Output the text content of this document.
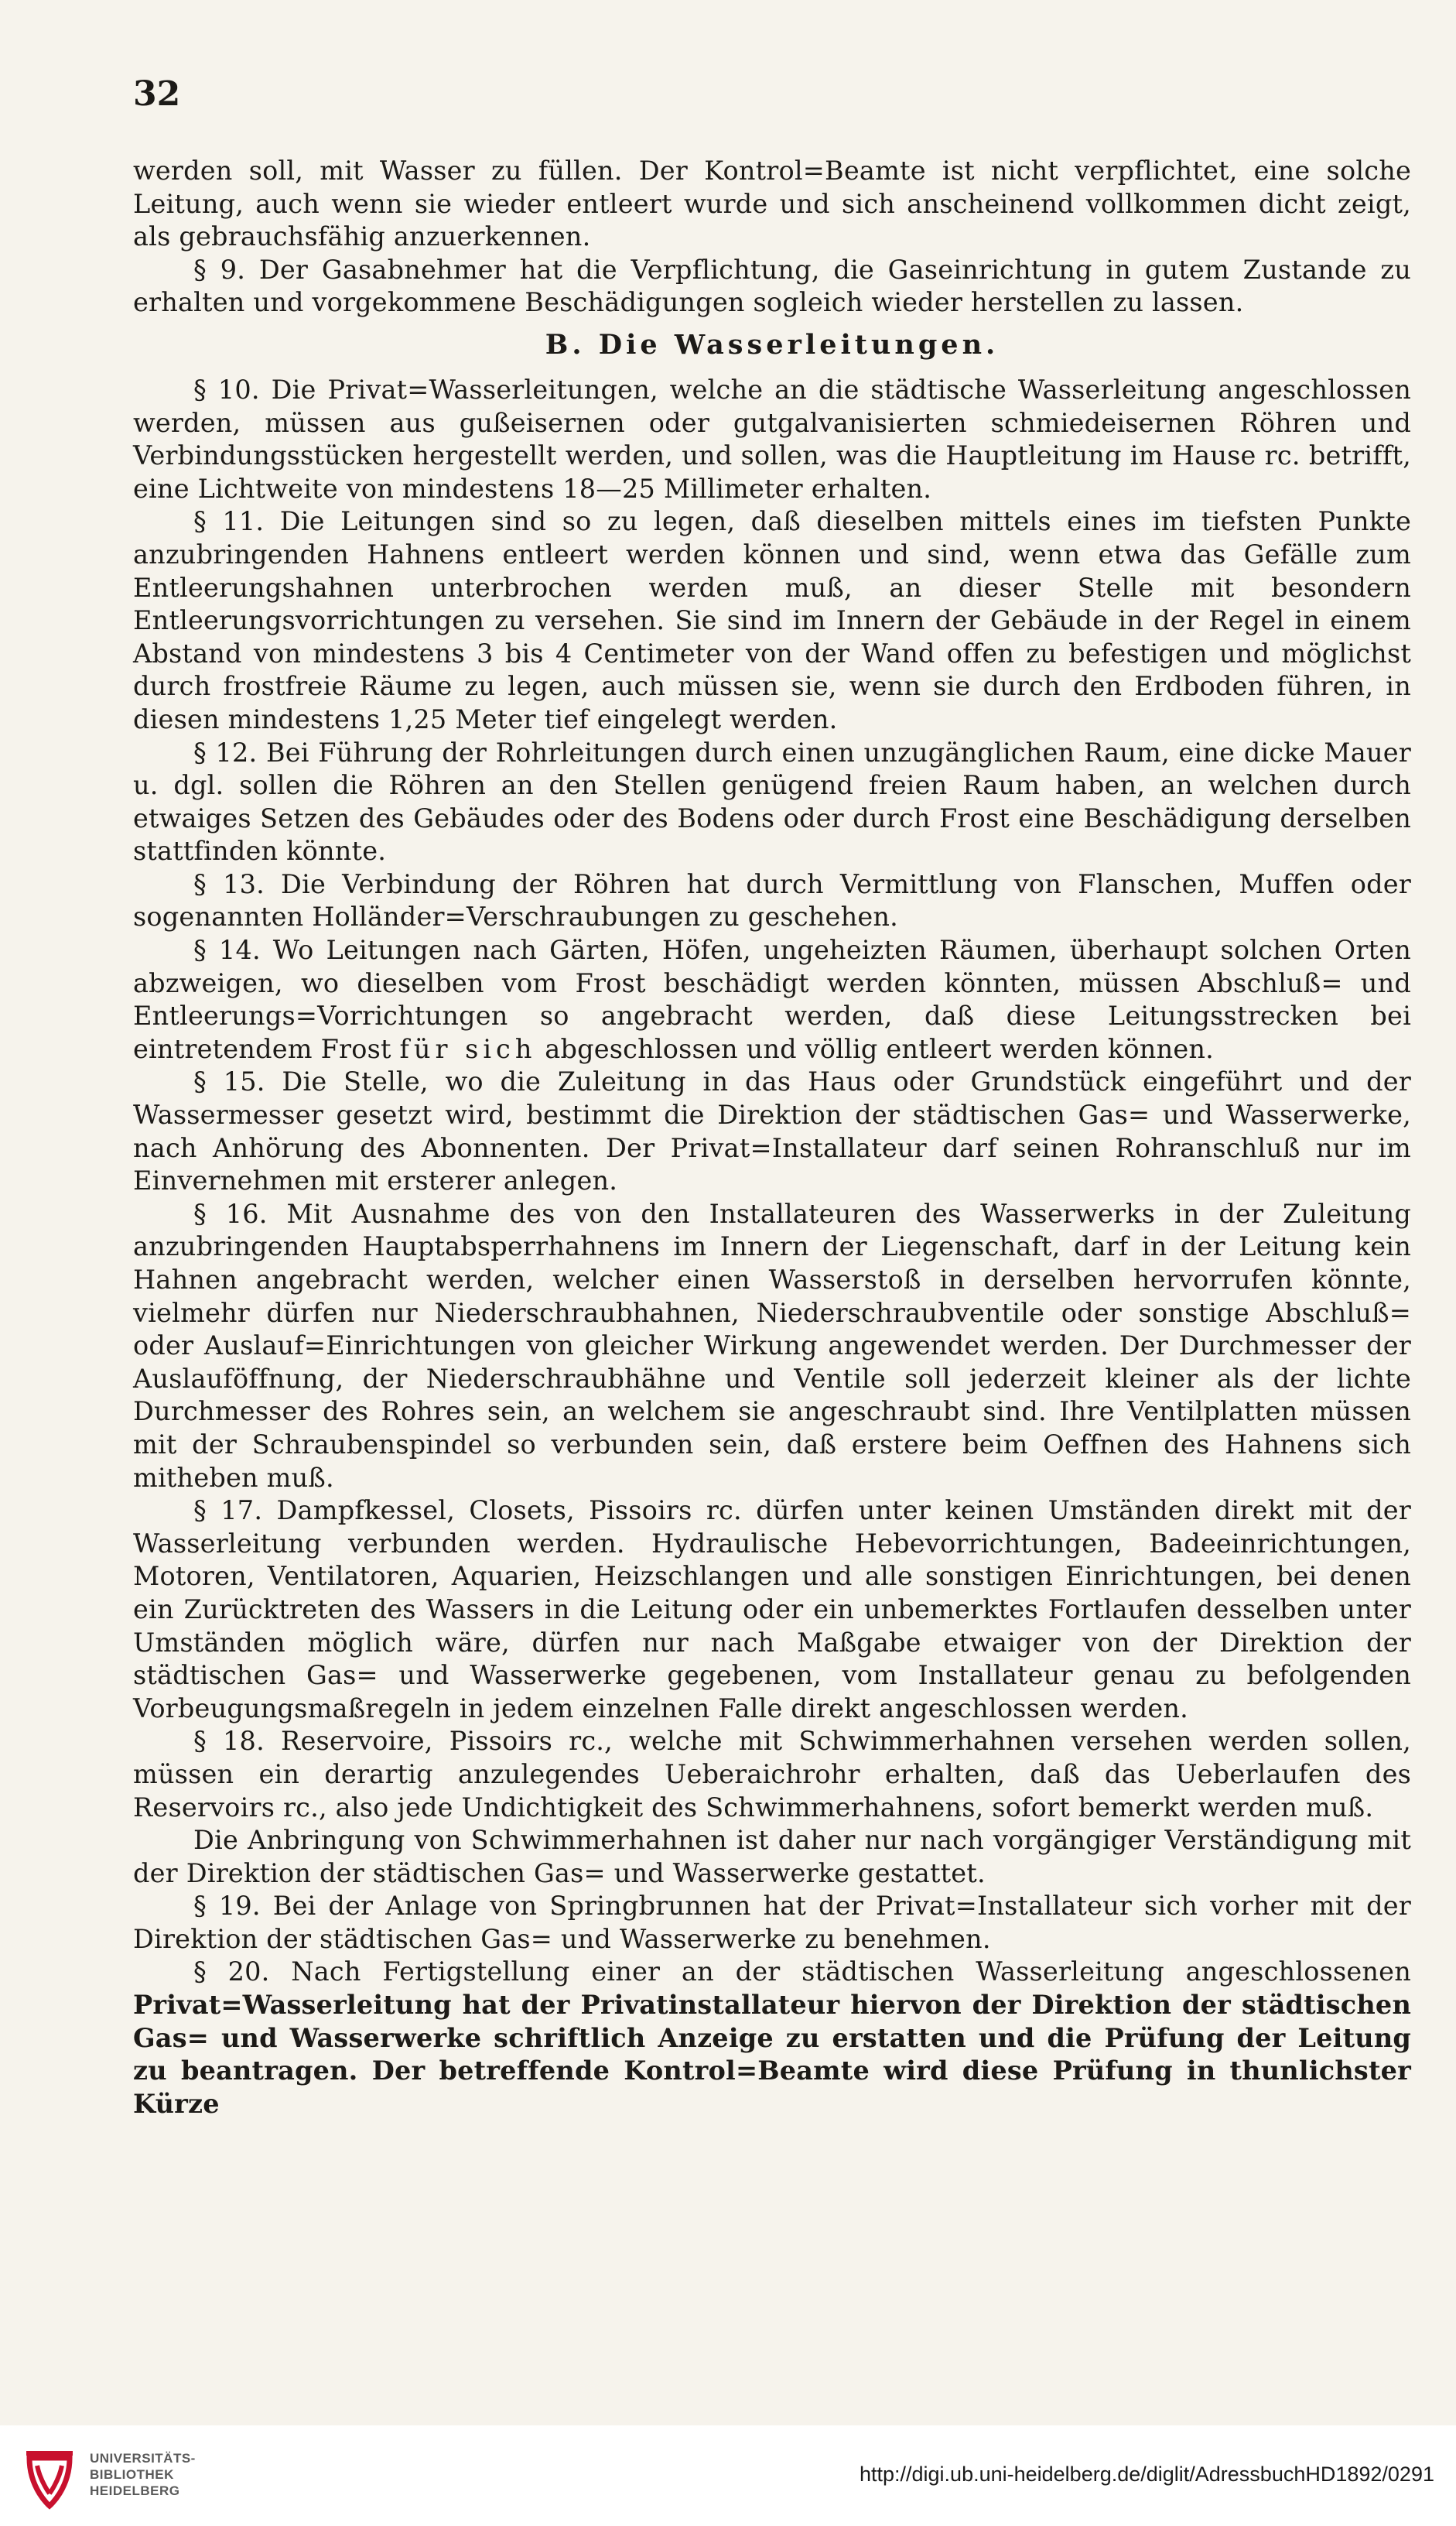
32

werden soll, mit Wasser zu füllen. Der Kontrol=Beamte ist nicht verpflichtet, eine solche Leitung, auch wenn sie wieder entleert wurde und sich anscheinend vollkommen dicht zeigt, als gebrauchsfähig anzuerkennen.

§ 9. Der Gasabnehmer hat die Verpflichtung, die Gaseinrichtung in gutem Zustande zu erhalten und vorgekommene Beschädigungen sogleich wieder herstellen zu lassen.

B. Die Wasserleitungen.

§ 10. Die Privat=Wasserleitungen, welche an die städtische Wasserleitung angeschlossen werden, müssen aus gußeisernen oder gutgalvanisierten schmiedeisernen Röhren und Verbindungsstücken hergestellt werden, und sollen, was die Hauptleitung im Hause rc. betrifft, eine Lichtweite von mindestens 18—25 Millimeter erhalten.

§ 11. Die Leitungen sind so zu legen, daß dieselben mittels eines im tiefsten Punkte anzubringenden Hahnens entleert werden können und sind, wenn etwa das Gefälle zum Entleerungshahnen unterbrochen werden muß, an dieser Stelle mit besondern Entleerungsvorrichtungen zu versehen. Sie sind im Innern der Gebäude in der Regel in einem Abstand von mindestens 3 bis 4 Centimeter von der Wand offen zu befestigen und möglichst durch frostfreie Räume zu legen, auch müssen sie, wenn sie durch den Erdboden führen, in diesen mindestens 1,25 Meter tief eingelegt werden.

§ 12. Bei Führung der Rohrleitungen durch einen unzugänglichen Raum, eine dicke Mauer u. dgl. sollen die Röhren an den Stellen genügend freien Raum haben, an welchen durch etwaiges Setzen des Gebäudes oder des Bodens oder durch Frost eine Beschädigung derselben stattfinden könnte.

§ 13. Die Verbindung der Röhren hat durch Vermittlung von Flanschen, Muffen oder sogenannten Holländer=Verschraubungen zu geschehen.

§ 14. Wo Leitungen nach Gärten, Höfen, ungeheizten Räumen, überhaupt solchen Orten abzweigen, wo dieselben vom Frost beschädigt werden könnten, müssen Abschluß= und Entleerungs=Vorrichtungen so angebracht werden, daß diese Leitungsstrecken bei eintretendem Frost für sich abgeschlossen und völlig entleert werden können.

§ 15. Die Stelle, wo die Zuleitung in das Haus oder Grundstück eingeführt und der Wassermesser gesetzt wird, bestimmt die Direktion der städtischen Gas= und Wasserwerke, nach Anhörung des Abonnenten. Der Privat=Installateur darf seinen Rohranschluß nur im Einvernehmen mit ersterer anlegen.

§ 16. Mit Ausnahme des von den Installateuren des Wasserwerks in der Zuleitung anzubringenden Hauptabsperrhahnens im Innern der Liegenschaft, darf in der Leitung kein Hahnen angebracht werden, welcher einen Wasserstoß in derselben hervorrufen könnte, vielmehr dürfen nur Niederschraubhahnen, Niederschraubventile oder sonstige Abschluß= oder Auslauf=Einrichtungen von gleicher Wirkung angewendet werden. Der Durchmesser der Auslauföffnung, der Niederschraubhähne und Ventile soll jederzeit kleiner als der lichte Durchmesser des Rohres sein, an welchem sie angeschraubt sind. Ihre Ventilplatten müssen mit der Schraubenspindel so verbunden sein, daß erstere beim Oeffnen des Hahnens sich mitheben muß.

§ 17. Dampfkessel, Closets, Pissoirs rc. dürfen unter keinen Umständen direkt mit der Wasserleitung verbunden werden. Hydraulische Hebevorrichtungen, Badeeinrichtungen, Motoren, Ventilatoren, Aquarien, Heizschlangen und alle sonstigen Einrichtungen, bei denen ein Zurücktreten des Wassers in die Leitung oder ein unbemerktes Fortlaufen desselben unter Umständen möglich wäre, dürfen nur nach Maßgabe etwaiger von der Direktion der städtischen Gas= und Wasserwerke gegebenen, vom Installateur genau zu befolgenden Vorbeugungsmaßregeln in jedem einzelnen Falle direkt angeschlossen werden.

§ 18. Reservoire, Pissoirs rc., welche mit Schwimmerhahnen versehen werden sollen, müssen ein derartig anzulegendes Ueberaichrohr erhalten, daß das Ueberlaufen des Reservoirs rc., also jede Undichtigkeit des Schwimmerhahnens, sofort bemerkt werden muß.

Die Anbringung von Schwimmerhahnen ist daher nur nach vorgängiger Verständigung mit der Direktion der städtischen Gas= und Wasserwerke gestattet.

§ 19. Bei der Anlage von Springbrunnen hat der Privat=Installateur sich vorher mit der Direktion der städtischen Gas= und Wasserwerke zu benehmen.

§ 20. Nach Fertigstellung einer an der städtischen Wasserleitung angeschlossenen Privat=Wasserleitung hat der Privatinstallateur hiervon der Direktion der städtischen Gas= und Wasserwerke schriftlich Anzeige zu erstatten und die Prüfung der Leitung zu beantragen. Der betreffende Kontrol=Beamte wird diese Prüfung in thunlichster Kürze

UNIVERSITÄTS-
BIBLIOTHEK
HEIDELBERG
http://digi.ub.uni-heidelberg.de/diglit/AdressbuchHD1892/0291
